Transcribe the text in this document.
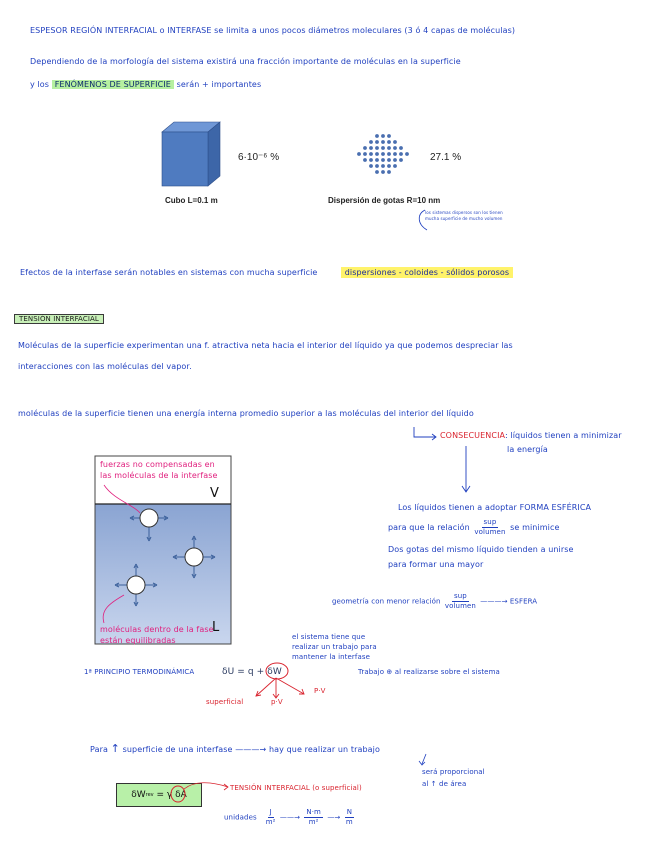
ESPESOR REGIÓN INTERFACIAL o INTERFASE se limita a unos pocos diámetros moleculares (3 ó 4 capas de moléculas)
Dependiendo de la morfología del sistema existirá una fracción importante de moléculas en la superficie
y los FENÓMENOS DE SUPERFICIE serán + importantes
6·10⁻⁶ %
Cubo L=0.1 m
27.1 %
Dispersión de gotas R=10 nm
los sistemas dispersos son los tienen mucha superficie de mucho volumen
Efectos de la interfase serán notables en sistemas con mucha superficie	dispersiones - coloides - sólidos porosos
TENSIÓN INTERFACIAL
Moléculas de la superficie experimentan una f. atractiva neta hacia el interior del líquido ya que podemos despreciar las
interacciones con las moléculas del vapor.
moléculas de la superficie tienen una energía interna promedio superior a las moléculas del interior del líquido
V
L
fuerzas no compensadas en las moléculas de la interfase
moléculas dentro de la fase están equilibradas
CONSECUENCIA: líquidos tienen a minimizar
la energía
Los líquidos tienen a adoptar FORMA ESFÉRICA
para que la relación $\frac{\text{sup}}{\text{volumen}}$ se minimice
Dos gotas del mismo líquido tienden a unirse
para formar una mayor
geometría con menor relación $\frac{\text{sup}}{\text{volumen}}$ ———→ ESFERA
1ª PRINCIPIO TERMODINÁMICA	δU = q + δW
el sistema tiene que
realizar un trabajo para
mantener la interfase
Trabajo ⊕ al realizarse sobre el sistema
superficial	p·V
P·V
Para ↑ superficie de una interfase ———→ hay que realizar un trabajo
será proporcional
al ↑ de área
δW rev
= γ δA
TENSIÓN INTERFACIAL (o superficial)
unidades $\frac{J}{\text{m²}}$ ——→ $\frac{N\cdot m}{\text{m²}}$ —→ $\frac{N}{m}$
